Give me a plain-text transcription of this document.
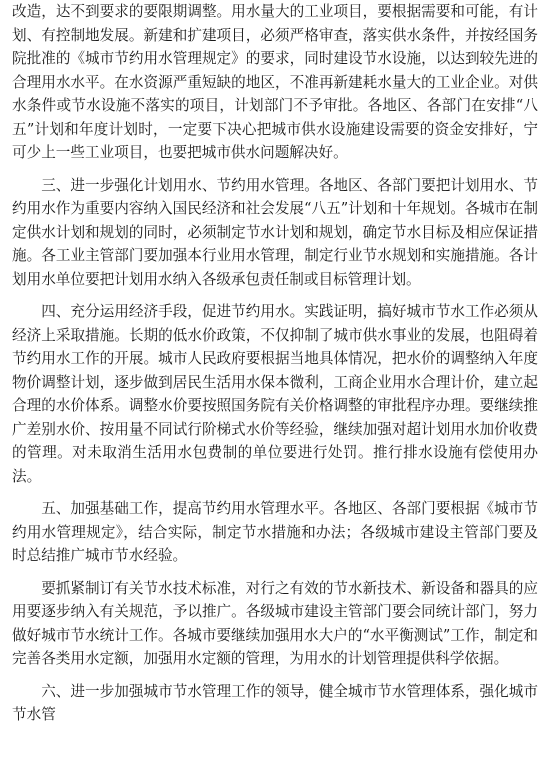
改造，达不到要求的要限期调整。用水量大的工业项目，要根据需要和可能，有计划、有控制地发展。新建和扩建项目，必须严格审查，落实供水条件，并按经国务院批准的《城市节约用水管理规定》的要求，同时建设节水设施，以达到较先进的合理用水水平。在水资源严重短缺的地区，不准再新建耗水量大的工业企业。对供水条件或节水设施不落实的项目，计划部门不予审批。各地区、各部门在安排“八五”计划和年度计划时，一定要下决心把城市供水设施建设需要的资金安排好，宁可少上一些工业项目，也要把城市供水问题解决好。

三、进一步强化计划用水、节约用水管理。各地区、各部门要把计划用水、节约用水作为重要内容纳入国民经济和社会发展“八五”计划和十年规划。各城市在制定供水计划和规划的同时，必须制定节水计划和规划，确定节水目标及相应保证措施。各工业主管部门要加强本行业用水管理，制定行业节水规划和实施措施。各计划用水单位要把计划用水纳入各级承包责任制或目标管理计划。

四、充分运用经济手段，促进节约用水。实践证明，搞好城市节水工作必须从经济上采取措施。长期的低水价政策，不仅抑制了城市供水事业的发展，也阻碍着节约用水工作的开展。城市人民政府要根据当地具体情况，把水价的调整纳入年度物价调整计划，逐步做到居民生活用水保本微利，工商企业用水合理计价，建立起合理的水价体系。调整水价要按照国务院有关价格调整的审批程序办理。要继续推广差别水价、按用量不同试行阶梯式水价等经验，继续加强对超计划用水加价收费的管理。对未取消生活用水包费制的单位要进行处罚。推行排水设施有偿使用办法。

五、加强基础工作，提高节约用水管理水平。各地区、各部门要根据《城市节约用水管理规定》，结合实际，制定节水措施和办法；各级城市建设主管部门要及时总结推广城市节水经验。

要抓紧制订有关节水技术标准，对行之有效的节水新技术、新设备和器具的应用要逐步纳入有关规范，予以推广。各级城市建设主管部门要会同统计部门，努力做好城市节水统计工作。各城市要继续加强用水大户的“水平衡测试”工作，制定和完善各类用水定额，加强用水定额的管理，为用水的计划管理提供科学依据。

六、进一步加强城市节水管理工作的领导，健全城市节水管理体系，强化城市节水管
